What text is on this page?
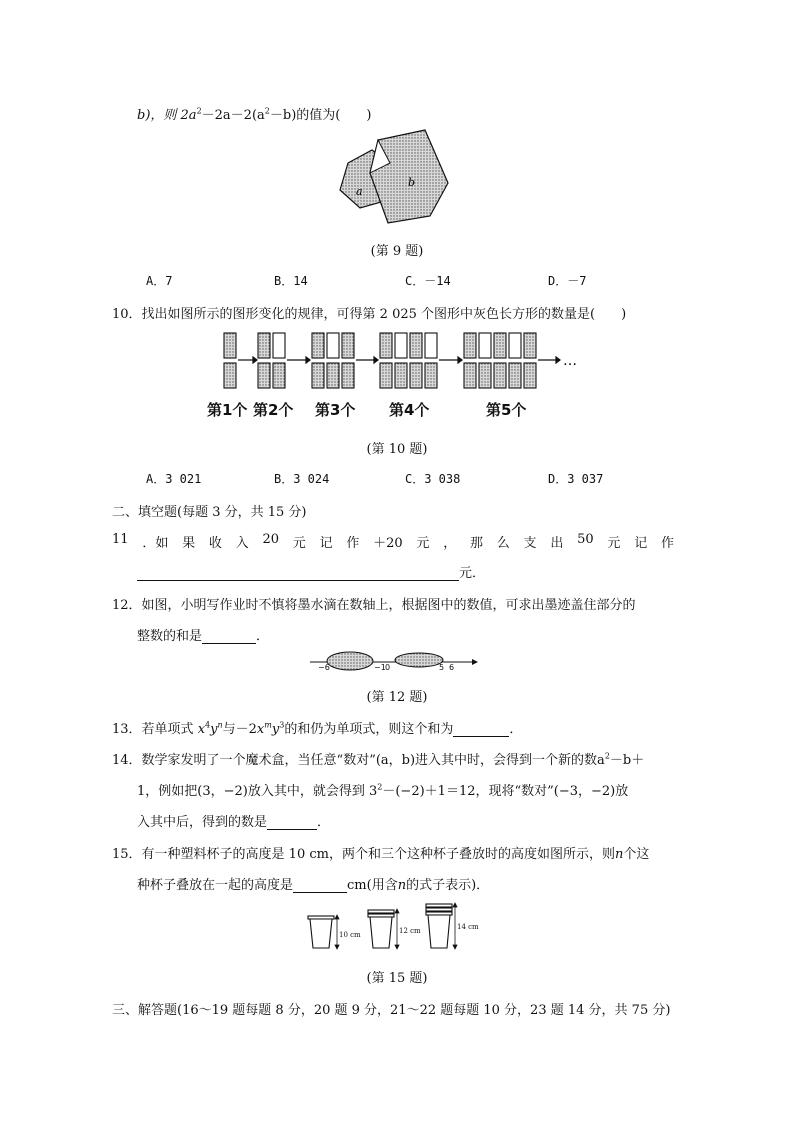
b)，则 $2a^2-2a-2(a^2-b)$的值为(　　)
a
b
(第 9 题)
A．7	B．14	C．－14	D．－7
10．找出如图所示的图形变化的规律，可得第 2 025 个图形中灰色长方形的数量是(　　)
…
第1个 第2个 第3个 第4个	第5个
(第 10 题)
A．3 021	B．3 024	C．3 038	D．3 037
二、填空题(每题 3 分，共 15 分)
11 ．如 果 收 入 20 元 记 作 ＋20 元 ， 那 么 支 出 50 元 记 作
元．
12．如图，小明写作业时不慎将墨水滴在数轴上，根据图中的数值，可求出墨迹盖住部分的
整数的和是	．
−6	−1 0	5 6
(第 12 题)
13．若单项式 $x^4y^n$与$-2x^my^3$的和仍为单项式，则这个和为	．
14．数学家发明了一个魔术盒，当任意“数对”(a，b)进入其中时，会得到一个新的数$a^2-b+$
1，例如把(3，−2)放入其中，就会得到 $3^2-(-2)+1=12$，现将“数对”(−3，−2)放
入其中后，得到的数是	．
15．有一种塑料杯子的高度是 10 cm，两个和三个这种杯子叠放时的高度如图所示，则n个这
种杯子叠放在一起的高度是	cm(用含n的式子表示)．
10 cm	12 cm	14 cm
(第 15 题)
三、解答题(16～19 题每题 8 分，20 题 9 分，21～22 题每题 10 分，23 题 14 分，共 75 分)
